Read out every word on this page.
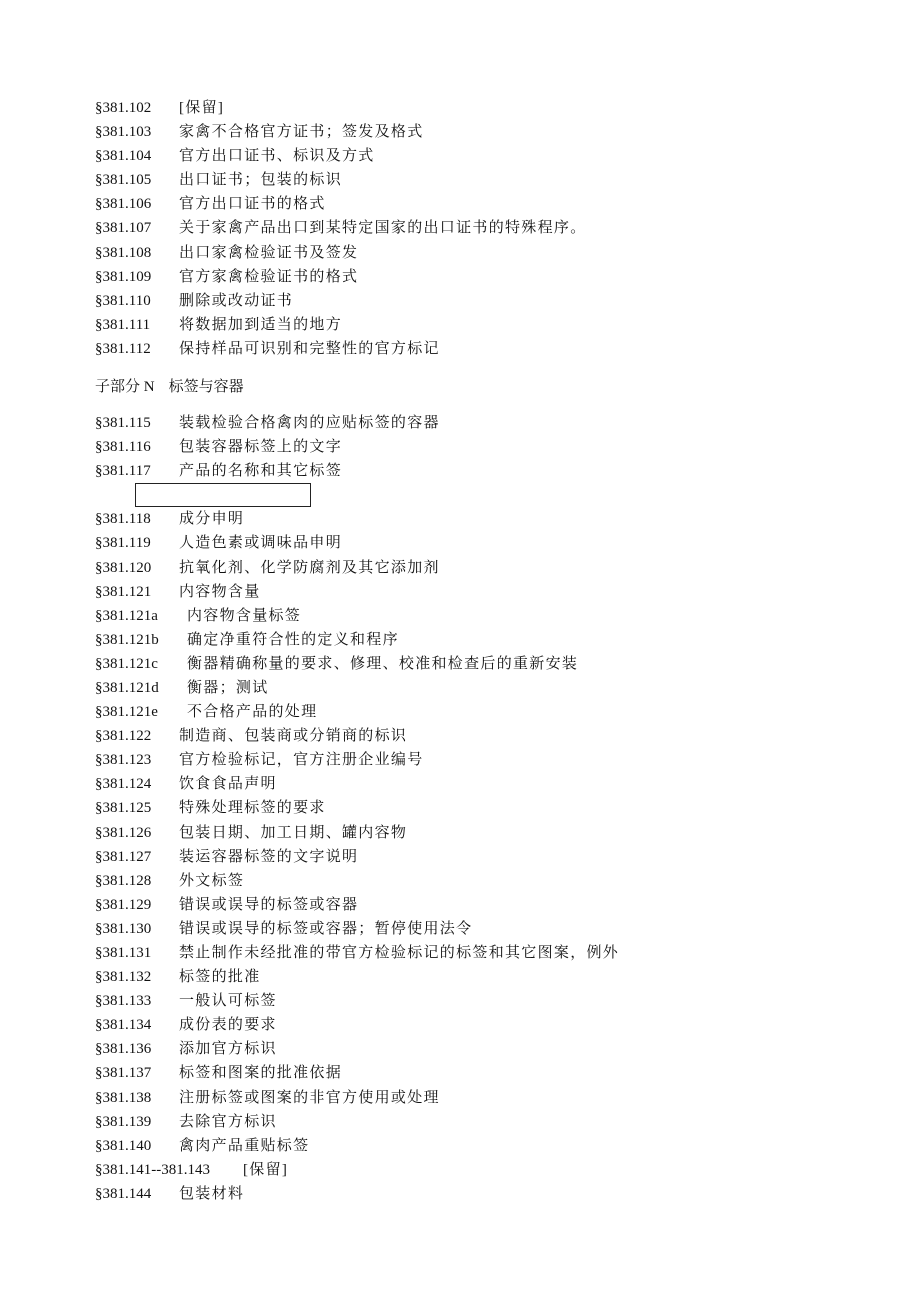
§381.102 [保留]
§381.103 家禽不合格官方证书；签发及格式
§381.104 官方出口证书、标识及方式
§381.105 出口证书；包装的标识
§381.106 官方出口证书的格式
§381.107 关于家禽产品出口到某特定国家的出口证书的特殊程序。
§381.108 出口家禽检验证书及签发
§381.109 官方家禽检验证书的格式
§381.110 删除或改动证书
§381.111 将数据加到适当的地方
§381.112 保持样品可识别和完整性的官方标记
子部分 N 标签与容器
§381.115 装载检验合格禽肉的应贴标签的容器
§381.116 包装容器标签上的文字
§381.117 产品的名称和其它标签
§381.118 成分申明
§381.119 人造色素或调味品申明
§381.120 抗氧化剂、化学防腐剂及其它添加剂
§381.121 内容物含量
§381.121a 内容物含量标签
§381.121b 确定净重符合性的定义和程序
§381.121c 衡器精确称量的要求、修理、校准和检查后的重新安装
§381.121d 衡器；测试
§381.121e 不合格产品的处理
§381.122 制造商、包装商或分销商的标识
§381.123 官方检验标记，官方注册企业编号
§381.124 饮食食品声明
§381.125 特殊处理标签的要求
§381.126 包装日期、加工日期、罐内容物
§381.127 装运容器标签的文字说明
§381.128 外文标签
§381.129 错误或误导的标签或容器
§381.130 错误或误导的标签或容器；暂停使用法令
§381.131 禁止制作未经批准的带官方检验标记的标签和其它图案，例外
§381.132 标签的批准
§381.133 一般认可标签
§381.134 成份表的要求
§381.136 添加官方标识
§381.137 标签和图案的批准依据
§381.138 注册标签或图案的非官方使用或处理
§381.139 去除官方标识
§381.140 禽肉产品重贴标签
§381.141--381.143 [保留]
§381.144 包装材料
